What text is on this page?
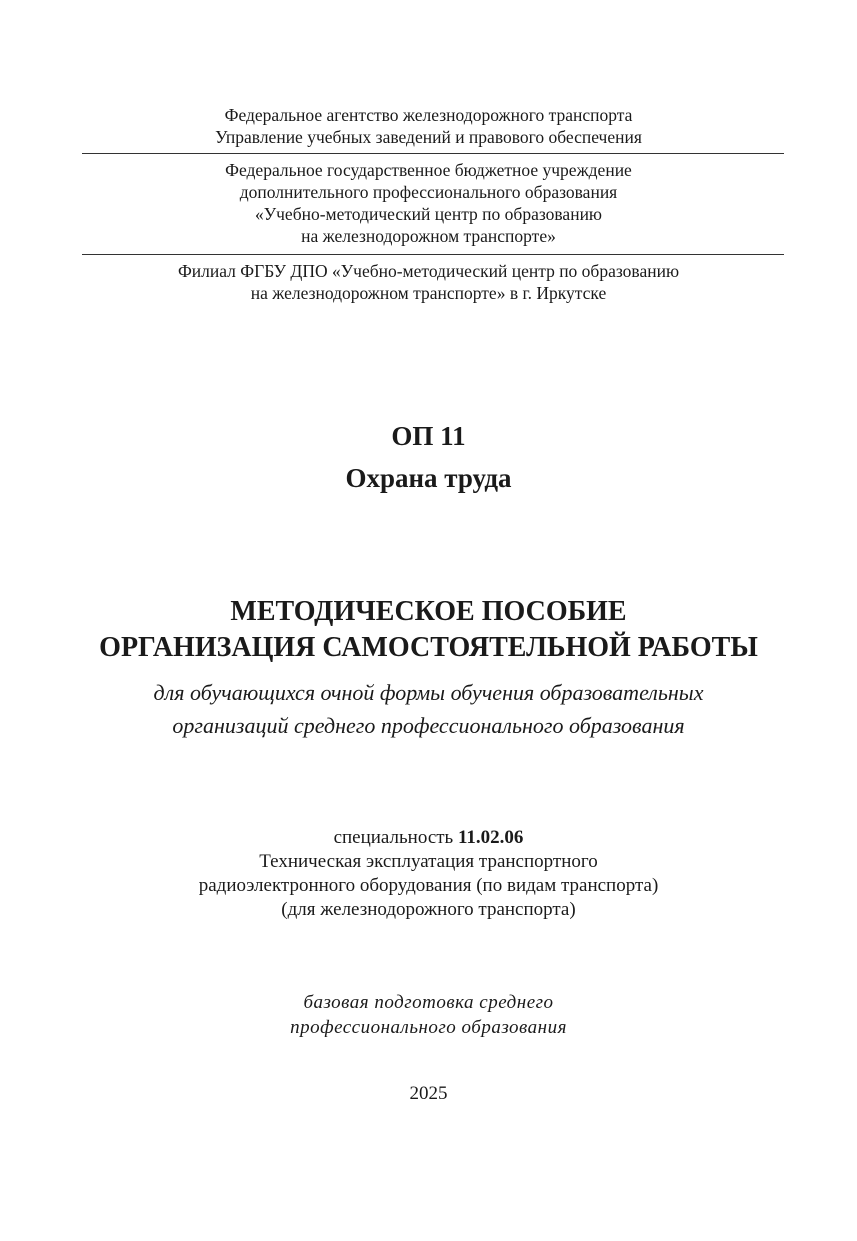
Федеральное агентство железнодорожного транспорта
Управление учебных заведений и правового обеспечения
Федеральное государственное бюджетное учреждение
дополнительного профессионального образования
«Учебно-методический центр по образованию
на железнодорожном транспорте»
Филиал ФГБУ ДПО «Учебно-методический центр по образованию
на железнодорожном транспорте» в г. Иркутске
ОП 11
Охрана труда
МЕТОДИЧЕСКОЕ ПОСОБИЕ
ОРГАНИЗАЦИЯ САМОСТОЯТЕЛЬНОЙ РАБОТЫ
для обучающихся очной формы обучения образовательных
организаций среднего профессионального образования
специальность 11.02.06
Техническая эксплуатация транспортного
радиоэлектронного оборудования (по видам транспорта)
(для железнодорожного транспорта)
базовая подготовка среднего
профессионального образования
2025
